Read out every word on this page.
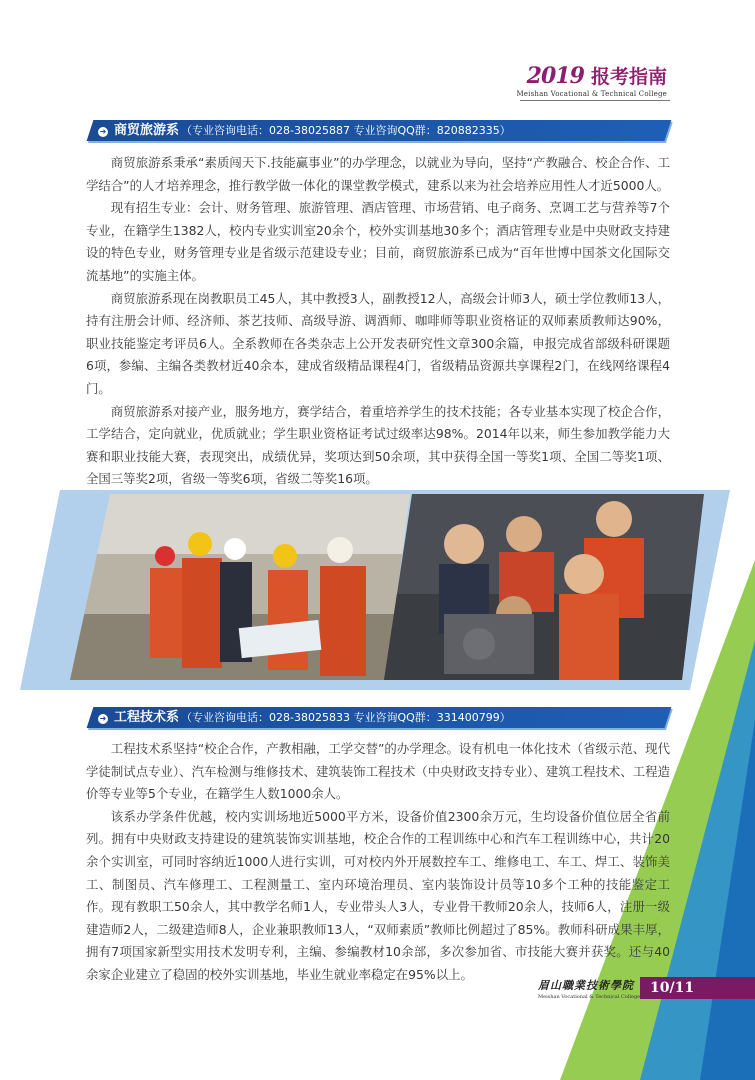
2019 报考指南
Meishan Vocational & Technical College
➜ 商贸旅游系 （专业咨询电话：028-38025887 专业咨询QQ群：820882335）

商贸旅游系秉承“素质闯天下.技能赢事业”的办学理念，以就业为导向，坚持“产教融合、校企合作、工学结合”的人才培养理念，推行教学做一体化的课堂教学模式，建系以来为社会培养应用性人才近5000人。

现有招生专业：会计、财务管理、旅游管理、酒店管理、市场营销、电子商务、烹调工艺与营养等7个专业，在籍学生1382人，校内专业实训室20余个，校外实训基地30多个；酒店管理专业是中央财政支持建设的特色专业，财务管理专业是省级示范建设专业；目前，商贸旅游系已成为“百年世博中国茶文化国际交流基地”的实施主体。

商贸旅游系现在岗教职员工45人，其中教授3人，副教授12人，高级会计师3人，硕士学位教师13人，持有注册会计师、经济师、茶艺技师、高级导游、调酒师、咖啡师等职业资格证的双师素质教师达90%，职业技能鉴定考评员6人。全系教师在各类杂志上公开发表研究性文章300余篇，申报完成省部级科研课题6项，参编、主编各类教材近40余本，建成省级精品课程4门，省级精品资源共享课程2门，在线网络课程4门。

商贸旅游系对接产业，服务地方，赛学结合，着重培养学生的技术技能；各专业基本实现了校企合作，工学结合，定向就业，优质就业；学生职业资格证考试过级率达98%。2014年以来，师生参加教学能力大赛和职业技能大赛，表现突出，成绩优异，奖项达到50余项，其中获得全国一等奖1项、全国二等奖1项、全国三等奖2项，省级一等奖6项，省级二等奖16项。

➜ 工程技术系 （专业咨询电话：028-38025833 专业咨询QQ群：331400799）

工程技术系坚持“校企合作，产教相融，工学交替”的办学理念。设有机电一体化技术（省级示范、现代学徒制试点专业）、汽车检测与维修技术、建筑装饰工程技术（中央财政支持专业）、建筑工程技术、工程造价等专业等5个专业，在籍学生人数1000余人。

该系办学条件优越，校内实训场地近5000平方米，设备价值2300余万元，生均设备价值位居全省前列。拥有中央财政支持建设的建筑装饰实训基地，校企合作的工程训练中心和汽车工程训练中心，共计20余个实训室，可同时容纳近1000人进行实训，可对校内外开展数控车工、维修电工、车工、焊工、装饰美工、制图员、汽车修理工、工程测量工、室内环境治理员、室内装饰设计员等10多个工种的技能鉴定工作。现有教职工50余人，其中教学名师1人，专业带头人3人，专业骨干教师20余人，技师6人，注册一级建造师2人，二级建造师8人，企业兼职教师13人，“双师素质”教师比例超过了85%。教师科研成果丰厚，拥有7项国家新型实用技术发明专利，主编、参编教材10余部，多次参加省、市技能大赛并获奖。还与40余家企业建立了稳固的校外实训基地，毕业生就业率稳定在95%以上。

眉山職業技術學院
Meishan Vocational & Technical College
10/11
